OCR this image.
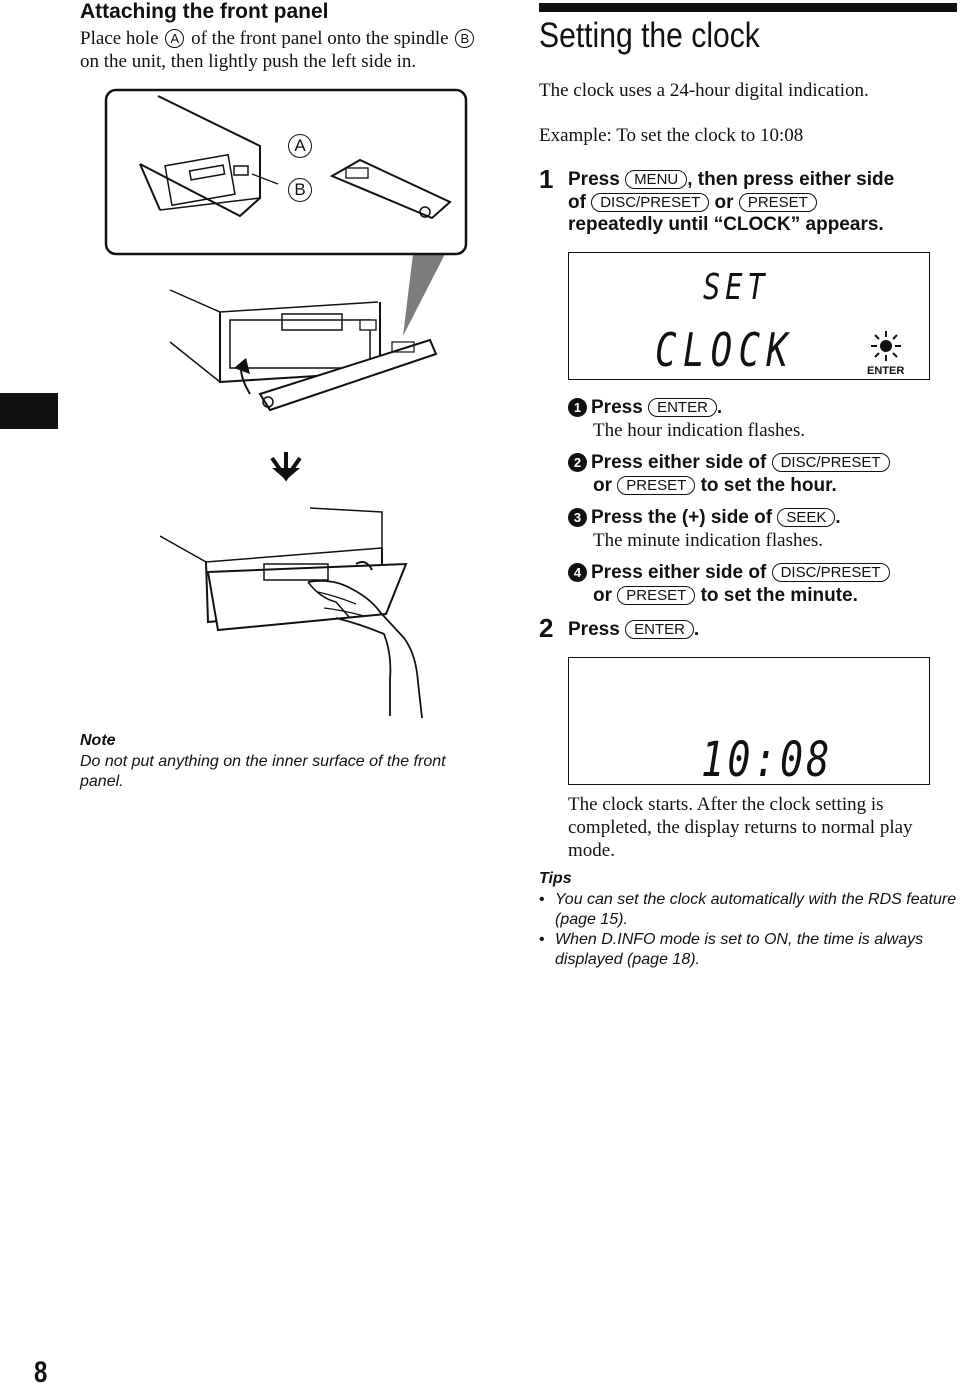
Attaching the front panel
Place hole A of the front panel onto the spindle B on the unit, then lightly push the left side in.
A
B
Note
Do not put anything on the inner surface of the front panel.
8
Setting the clock
The clock uses a 24-hour digital indication.
Example: To set the clock to 10:08
1 Press MENU , then press either side
of DISC/PRESET or PRESET
repeatedly until “CLOCK” appears.
SET
CLOCK	ENTER
1 Press ENTER .
The hour indication flashes.
2 Press either side of DISC/PRESET
or PRESET to set the hour.
3 Press the (+) side of SEEK .
The minute indication flashes.
4 Press either side of DISC/PRESET
or PRESET to set the minute.
2 Press ENTER .
10:08
The clock starts. After the clock setting is completed, the display returns to normal play mode.
Tips
• You can set the clock automatically with the RDS feature (page 15).
• When D.INFO mode is set to ON, the time is always displayed (page 18).
